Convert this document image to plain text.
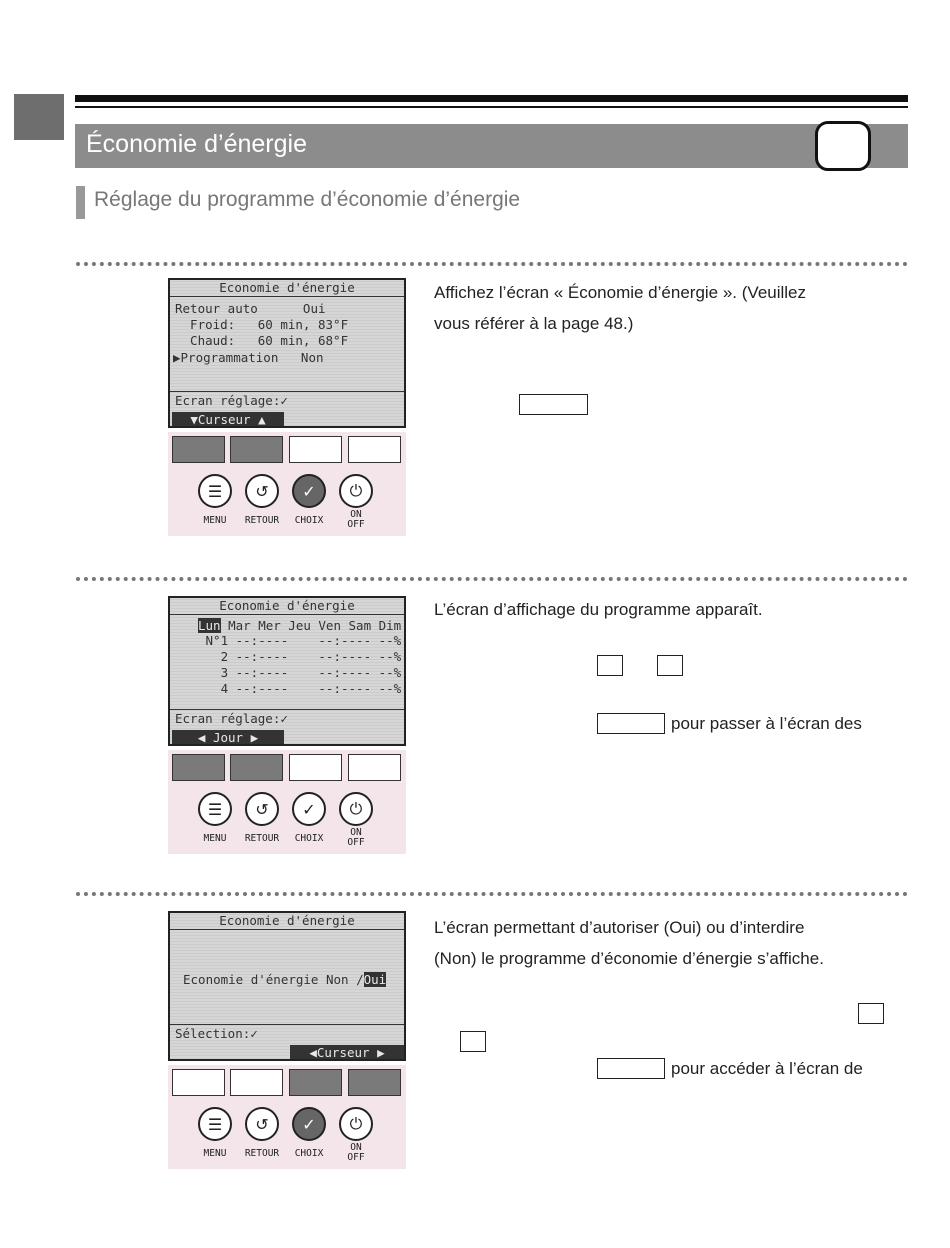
Économie d’énergie
Réglage du programme d’économie d’énergie
Economie d'énergie
Retour auto      Oui
Froid:   60 min, 83°F
Chaud:   60 min, 68°F
▶Programmation   Non
Ecran réglage:✓
▼Curseur ▲
☰ ↺ ✓ ⏻
MENU	RETOUR	CHOIX
ON
OFF
Affichez l’écran « Économie d’énergie ». (Veuillez
vous référer à la page 48.)
Economie d'énergie
Lun Mar Mer Jeu Ven Sam Dim
N°1 --:----    --:---- --%
2 --:----    --:---- --%
3 --:----    --:---- --%
4 --:----    --:---- --%
Ecran réglage:✓
◀ Jour ▶
☰ ↺ ✓ ⏻
MENU	RETOUR	CHOIX
ON
OFF
L’écran d’affichage du programme apparaît.
pour passer à l’écran des
Economie d'énergie
Economie d'énergie Non /Oui
Sélection:✓
◀Curseur ▶
☰ ↺ ✓ ⏻
MENU	RETOUR	CHOIX
ON
OFF
L’écran permettant d’autoriser (Oui) ou d’interdire
(Non) le programme d’économie d’énergie s’affiche.
pour accéder à l’écran de
